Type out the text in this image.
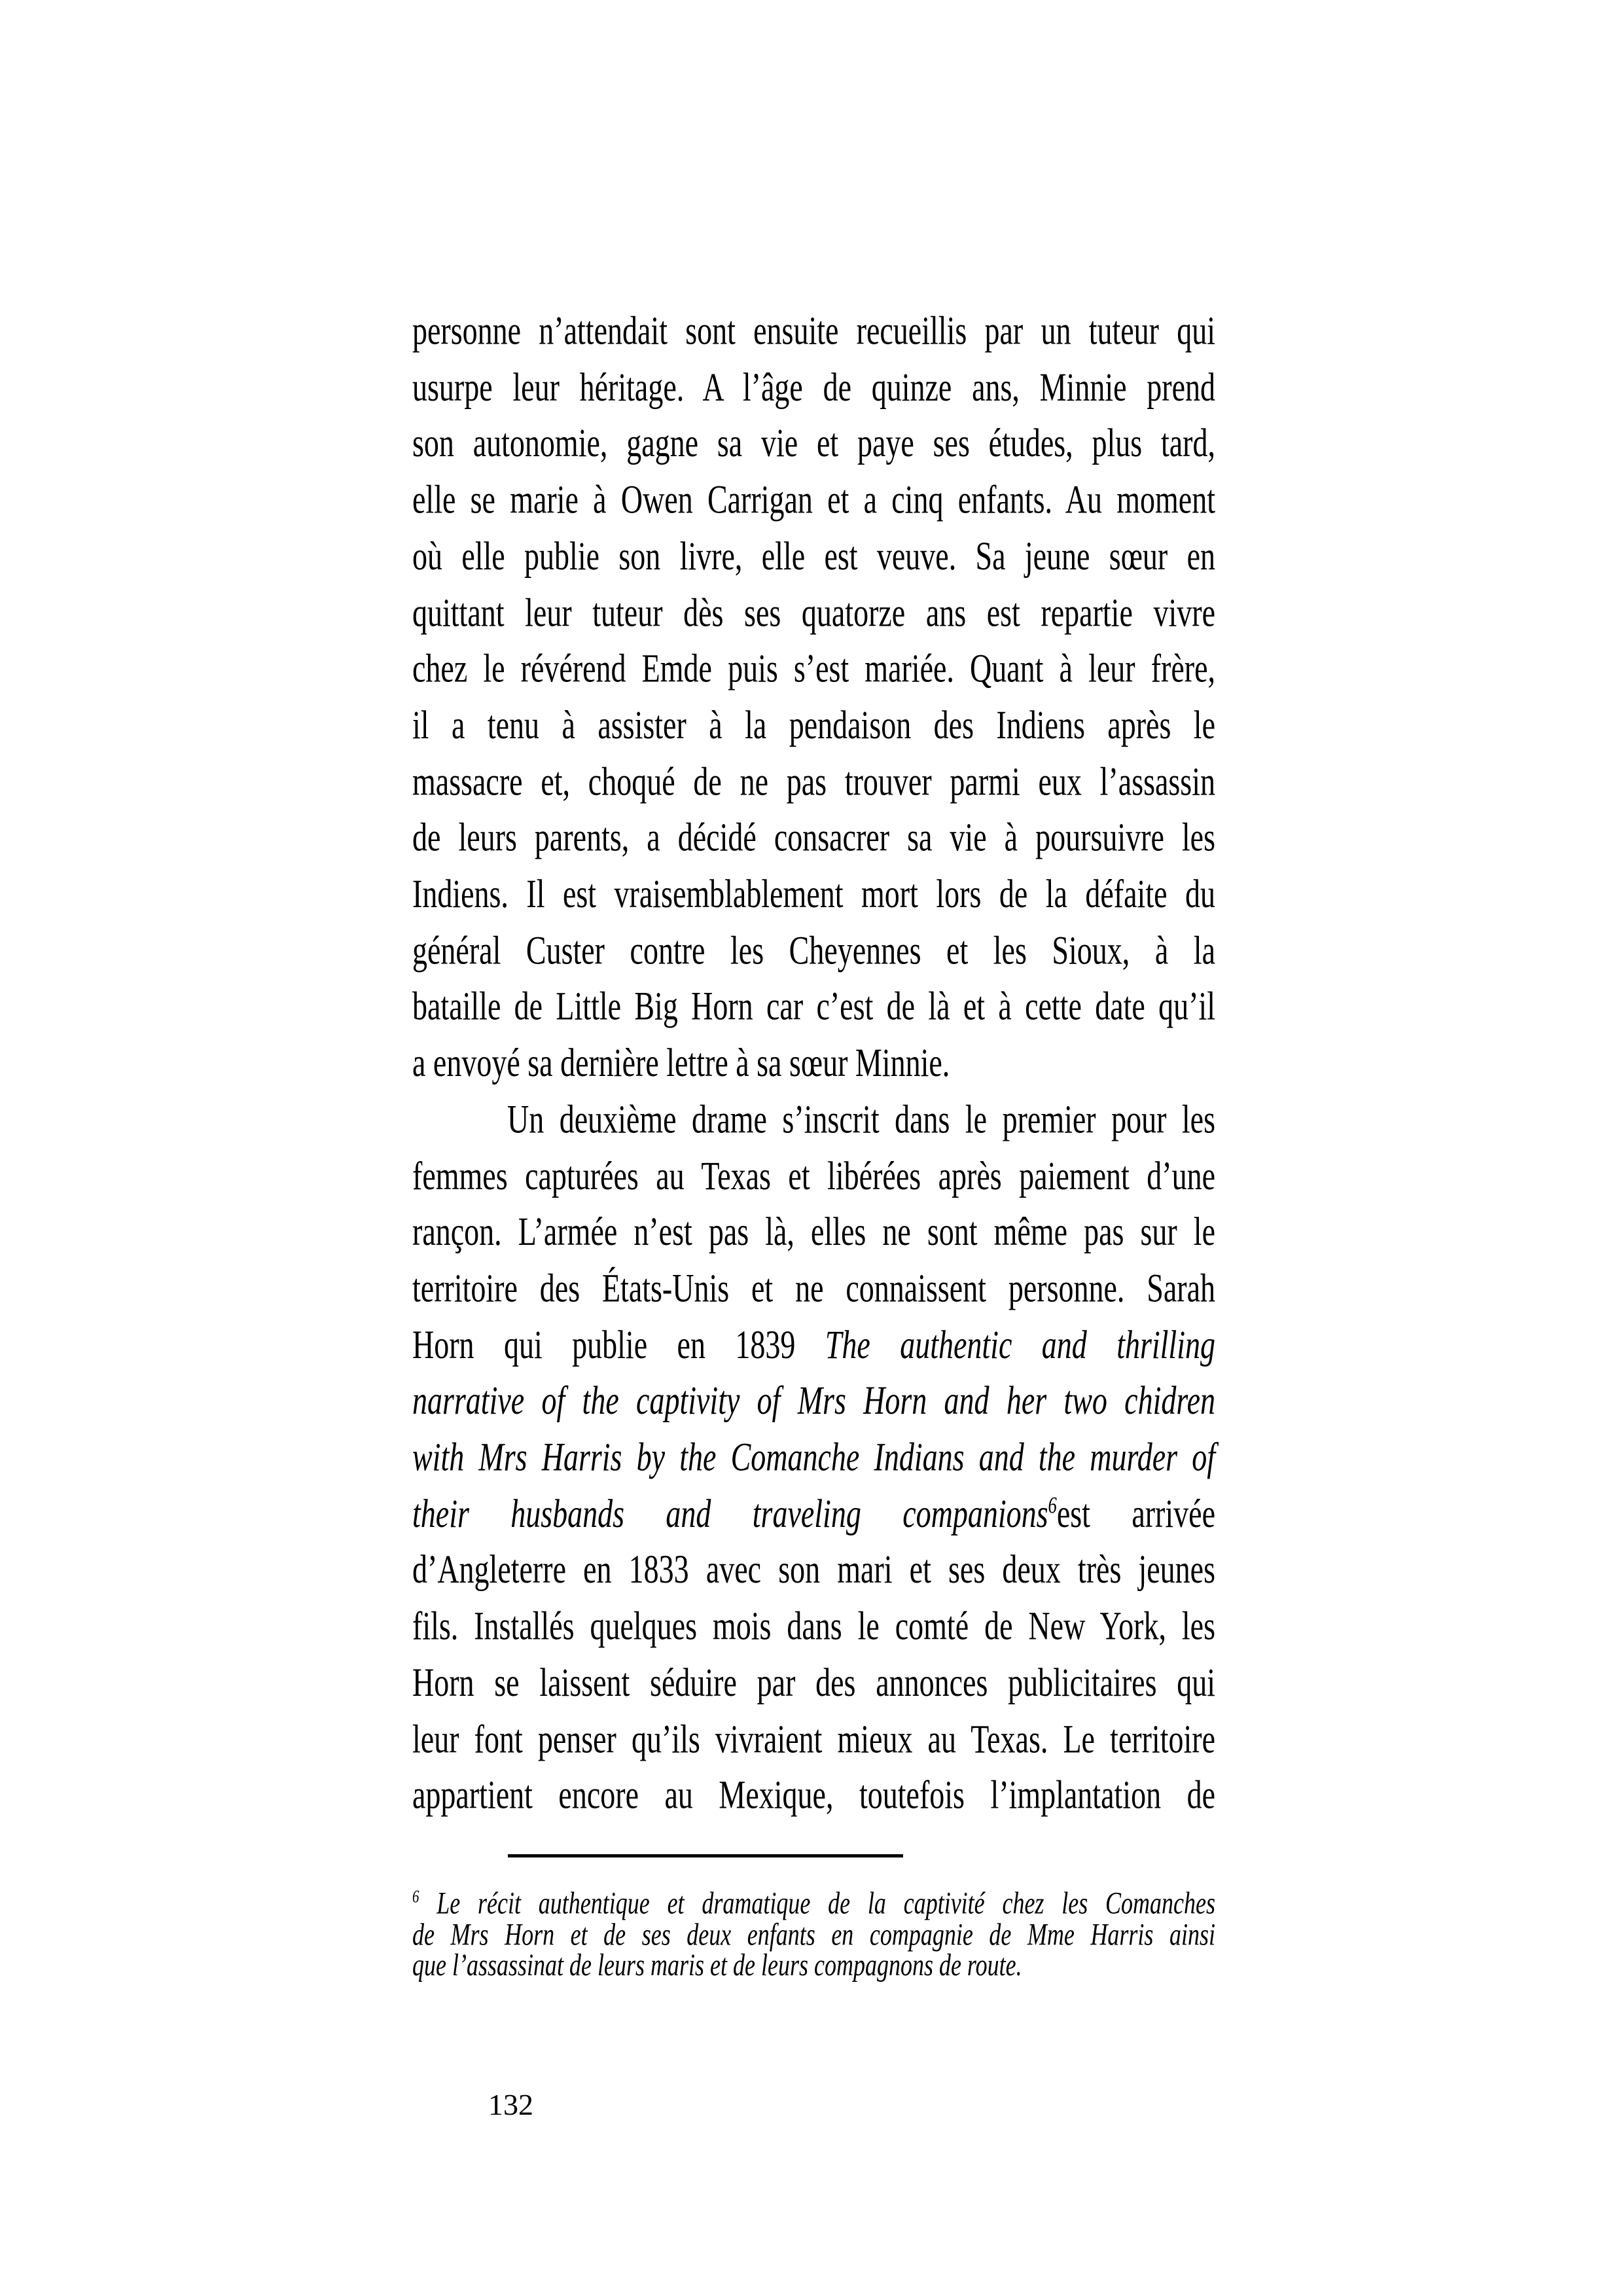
personne n’attendait sont ensuite recueillis par un tuteur qui
usurpe leur héritage. A l’âge de quinze ans, Minnie prend
son autonomie, gagne sa vie et paye ses études, plus tard,
elle se marie à Owen Carrigan et a cinq enfants. Au moment
où elle publie son livre, elle est veuve. Sa jeune sœur en
quittant leur tuteur dès ses quatorze ans est repartie vivre
chez le révérend Emde puis s’est mariée. Quant à leur frère,
il a tenu à assister à la pendaison des Indiens après le
massacre et, choqué de ne pas trouver parmi eux l’assassin
de leurs parents, a décidé consacrer sa vie à poursuivre les
Indiens. Il est vraisemblablement mort lors de la défaite du
général Custer contre les Cheyennes et les Sioux, à la
bataille de Little Big Horn car c’est de là et à cette date qu’il
a envoyé sa dernière lettre à sa sœur Minnie.
Un deuxième drame s’inscrit dans le premier pour les
femmes capturées au Texas et libérées après paiement d’une
rançon. L’armée n’est pas là, elles ne sont même pas sur le
territoire des États-Unis et ne connaissent personne. Sarah
Horn qui publie en 1839 The authentic and thrilling
narrative of the captivity of Mrs Horn and her two chidren
with Mrs Harris by the Comanche Indians and the murder of
their husbands and traveling companions$^6$est arrivée
d’Angleterre en 1833 avec son mari et ses deux très jeunes
fils. Installés quelques mois dans le comté de New York, les
Horn se laissent séduire par des annonces publicitaires qui
leur font penser qu’ils vivraient mieux au Texas. Le territoire
appartient encore au Mexique, toutefois l’implantation de
$^6$ Le récit authentique et dramatique de la captivité chez les Comanches
de Mrs Horn et de ses deux enfants en compagnie de Mme Harris ainsi
que l’assassinat de leurs maris et de leurs compagnons de route.
132
